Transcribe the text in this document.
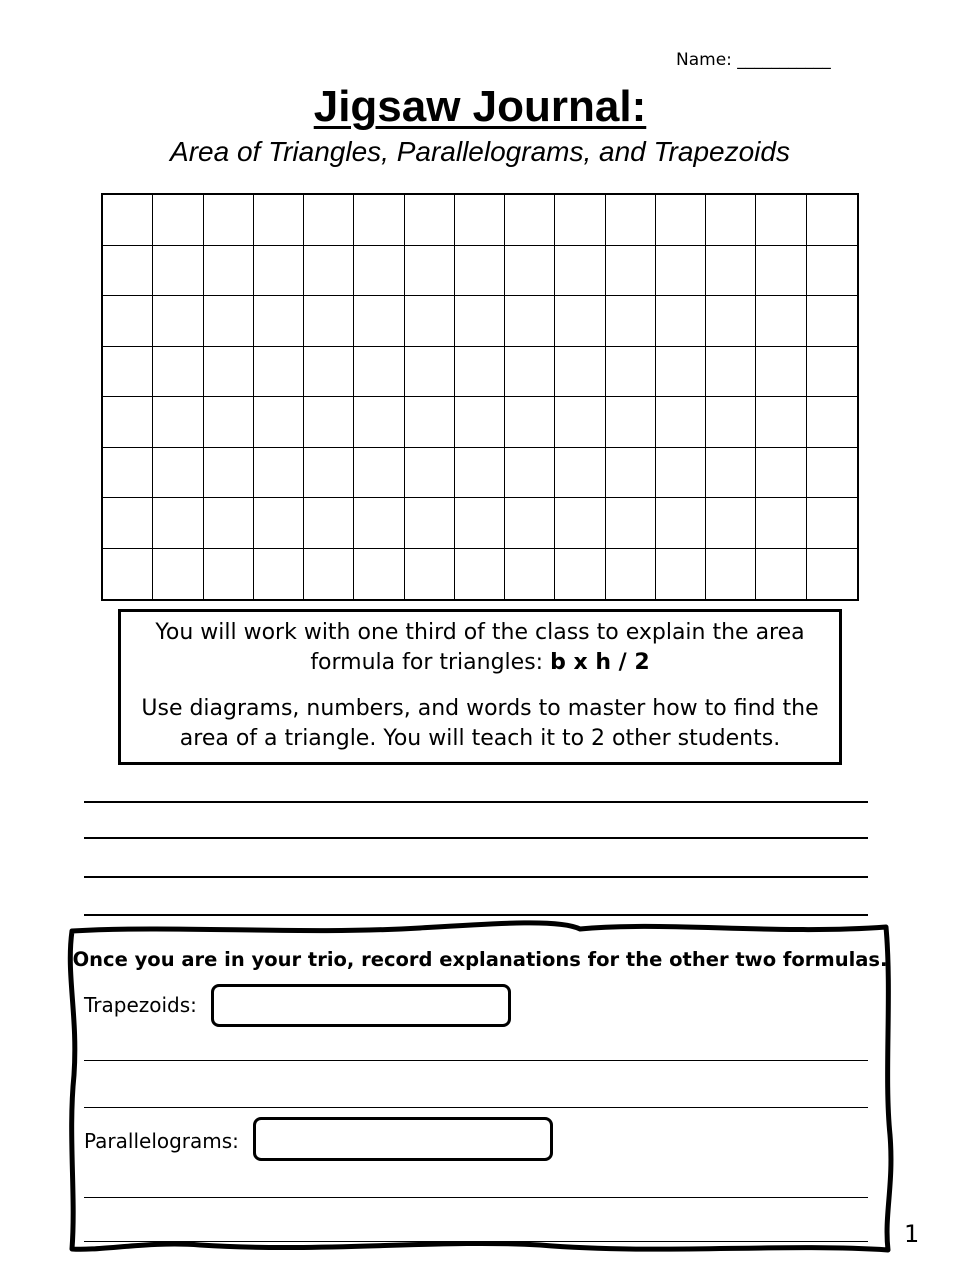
Name: ___________
Jigsaw Journal:
Area of Triangles, Parallelograms, and Trapezoids

You will work with one third of the class to explain the area formula for triangles: b x h / 2

Use diagrams, numbers, and words to master how to find the area of a triangle. You will teach it to 2 other students.

Once you are in your trio, record explanations for the other two formulas.
Trapezoids:
Parallelograms:
1
